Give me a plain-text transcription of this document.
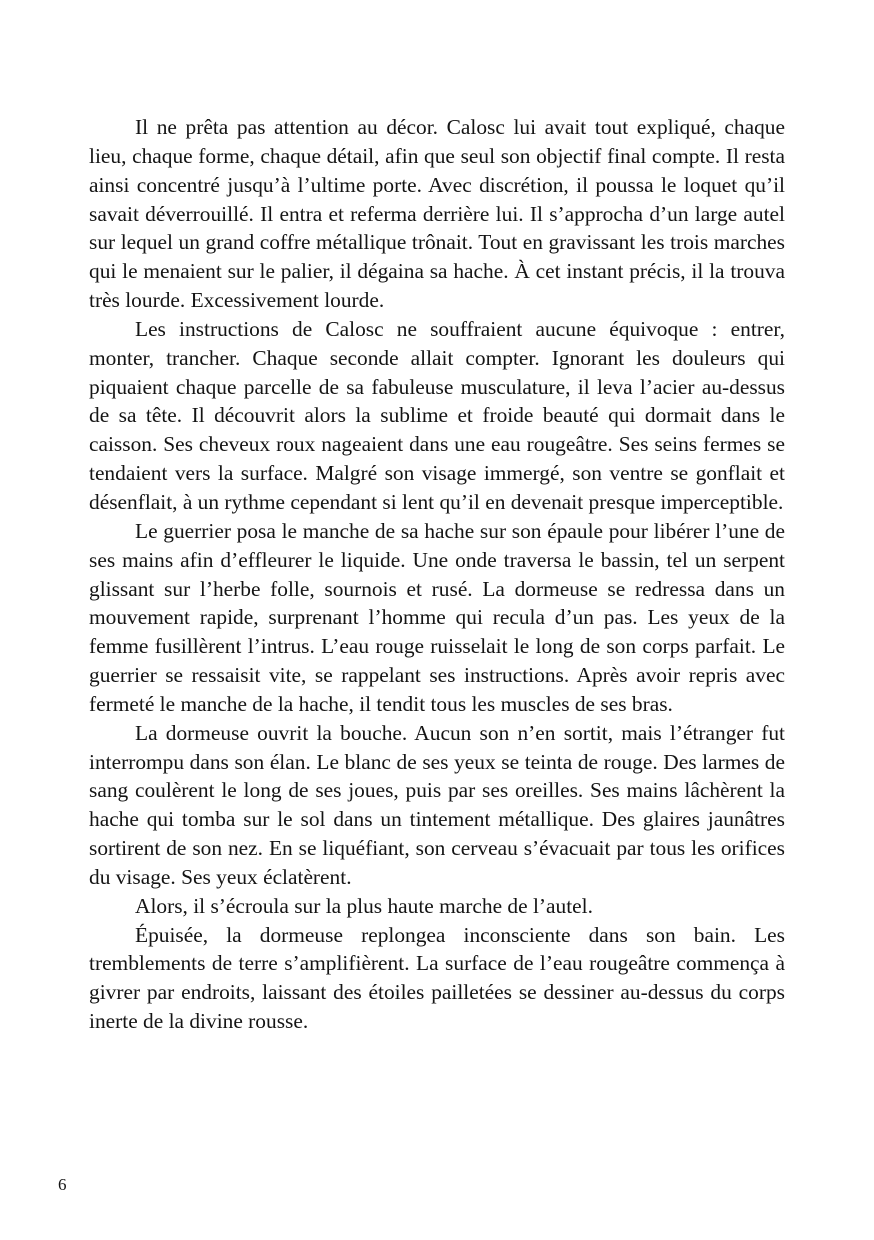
Il ne prêta pas attention au décor. Calosc lui avait tout expliqué, chaque lieu, chaque forme, chaque détail, afin que seul son objectif final compte. Il resta ainsi concentré jusqu’à l’ultime porte. Avec discrétion, il poussa le loquet qu’il savait déverrouillé. Il entra et referma derrière lui. Il s’approcha d’un large autel sur lequel un grand coffre métallique trônait. Tout en gravissant les trois marches qui le menaient sur le palier, il dégaina sa hache. À cet instant précis, il la trouva très lourde. Excessivement lourde.

Les instructions de Calosc ne souffraient aucune équivoque : entrer, monter, trancher. Chaque seconde allait compter. Ignorant les douleurs qui piquaient chaque parcelle de sa fabuleuse musculature, il leva l’acier au-dessus de sa tête. Il découvrit alors la sublime et froide beauté qui dormait dans le caisson. Ses cheveux roux nageaient dans une eau rougeâtre. Ses seins fermes se tendaient vers la surface. Malgré son visage immergé, son ventre se gonflait et désenflait, à un rythme cependant si lent qu’il en devenait presque imperceptible.

Le guerrier posa le manche de sa hache sur son épaule pour libérer l’une de ses mains afin d’effleurer le liquide. Une onde traversa le bassin, tel un serpent glissant sur l’herbe folle, sournois et rusé. La dormeuse se redressa dans un mouvement rapide, surprenant l’homme qui recula d’un pas. Les yeux de la femme fusillèrent l’intrus. L’eau rouge ruisselait le long de son corps parfait. Le guerrier se ressaisit vite, se rappelant ses instructions. Après avoir repris avec fermeté le manche de la hache, il tendit tous les muscles de ses bras.

La dormeuse ouvrit la bouche. Aucun son n’en sortit, mais l’étranger fut interrompu dans son élan. Le blanc de ses yeux se teinta de rouge. Des larmes de sang coulèrent le long de ses joues, puis par ses oreilles. Ses mains lâchèrent la hache qui tomba sur le sol dans un tintement métallique. Des glaires jaunâtres sortirent de son nez. En se liquéfiant, son cerveau s’évacuait par tous les orifices du visage. Ses yeux éclatèrent.

Alors, il s’écroula sur la plus haute marche de l’autel.

Épuisée, la dormeuse replongea inconsciente dans son bain. Les tremblements de terre s’amplifièrent. La surface de l’eau rougeâtre commença à givrer par endroits, laissant des étoiles pailletées se dessiner au-dessus du corps inerte de la divine rousse.

6
